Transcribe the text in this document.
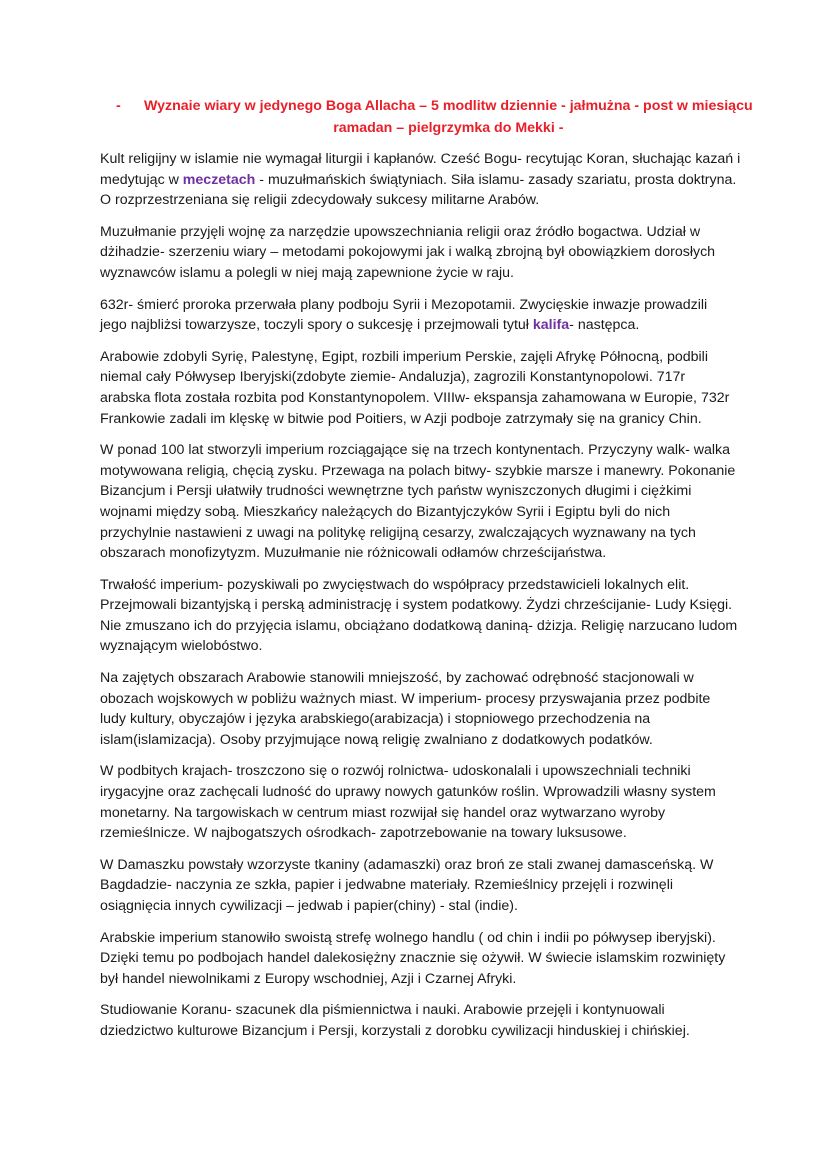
-	Wyznaie wiary w jedynego Boga Allacha – 5 modlitw dziennie - jałmużna - post w miesiącu
ramadan – pielgrzymka do Mekki -

Kult religijny w islamie nie wymagał liturgii i kapłanów. Cześć Bogu- recytując Koran, słuchając kazań i
medytując w meczetach - muzułmańskich świątyniach. Siła islamu- zasady szariatu, prosta doktryna.
O rozprzestrzeniana się religii zdecydowały sukcesy militarne Arabów.

Muzułmanie przyjęli wojnę za narzędzie upowszechniania religii oraz źródło bogactwa. Udział w
dżihadzie- szerzeniu wiary – metodami pokojowymi jak i walką zbrojną był obowiązkiem dorosłych
wyznawców islamu a polegli w niej mają zapewnione życie w raju.

632r- śmierć proroka przerwała plany podboju Syrii i Mezopotamii. Zwycięskie inwazje prowadzili
jego najbliżsi towarzysze, toczyli spory o sukcesję i przejmowali tytuł kalifa- następca.

Arabowie zdobyli Syrię, Palestynę, Egipt, rozbili imperium Perskie, zajęli Afrykę Północną, podbili
niemal cały Półwysep Iberyjski(zdobyte ziemie- Andaluzja), zagrozili Konstantynopolowi. 717r
arabska flota została rozbita pod Konstantynopolem. VIIIw- ekspansja zahamowana w Europie, 732r
Frankowie zadali im klęskę w bitwie pod Poitiers, w Azji podboje zatrzymały się na granicy Chin.

W ponad 100 lat stworzyli imperium rozciągające się na trzech kontynentach. Przyczyny walk- walka
motywowana religią, chęcią zysku. Przewaga na polach bitwy- szybkie marsze i manewry. Pokonanie
Bizancjum i Persji ułatwiły trudności wewnętrzne tych państw wyniszczonych długimi i ciężkimi
wojnami między sobą. Mieszkańcy należących do Bizantyjczyków Syrii i Egiptu byli do nich
przychylnie nastawieni z uwagi na politykę religijną cesarzy, zwalczających wyznawany na tych
obszarach monofizytyzm. Muzułmanie nie różnicowali odłamów chrześcijaństwa.

Trwałość imperium- pozyskiwali po zwycięstwach do współpracy przedstawicieli lokalnych elit.
Przejmowali bizantyjską i perską administrację i system podatkowy. Żydzi chrześcijanie- Ludy Księgi.
Nie zmuszano ich do przyjęcia islamu, obciążano dodatkową daniną- dżizja. Religię narzucano ludom
wyznającym wielobóstwo.

Na zajętych obszarach Arabowie stanowili mniejszość, by zachować odrębność stacjonowali w
obozach wojskowych w pobliżu ważnych miast. W imperium- procesy przyswajania przez podbite
ludy kultury, obyczajów i języka arabskiego(arabizacja) i stopniowego przechodzenia na
islam(islamizacja). Osoby przyjmujące nową religię zwalniano z dodatkowych podatków.

W podbitych krajach- troszczono się o rozwój rolnictwa- udoskonalali i upowszechniali techniki
irygacyjne oraz zachęcali ludność do uprawy nowych gatunków roślin. Wprowadzili własny system
monetarny. Na targowiskach w centrum miast rozwijał się handel oraz wytwarzano wyroby
rzemieślnicze. W najbogatszych ośrodkach- zapotrzebowanie na towary luksusowe.

W Damaszku powstały wzorzyste tkaniny (adamaszki) oraz broń ze stali zwanej damasceńską. W
Bagdadzie- naczynia ze szkła, papier i jedwabne materiały. Rzemieślnicy przejęli i rozwinęli
osiągnięcia innych cywilizacji – jedwab i papier(chiny) - stal (indie).

Arabskie imperium stanowiło swoistą strefę wolnego handlu ( od chin i indii po półwysep iberyjski).
Dzięki temu po podbojach handel dalekosiężny znacznie się ożywił. W świecie islamskim rozwinięty
był handel niewolnikami z Europy wschodniej, Azji i Czarnej Afryki.

Studiowanie Koranu- szacunek dla piśmiennictwa i nauki. Arabowie przejęli i kontynuowali
dziedzictwo kulturowe Bizancjum i Persji, korzystali z dorobku cywilizacji hinduskiej i chińskiej.
